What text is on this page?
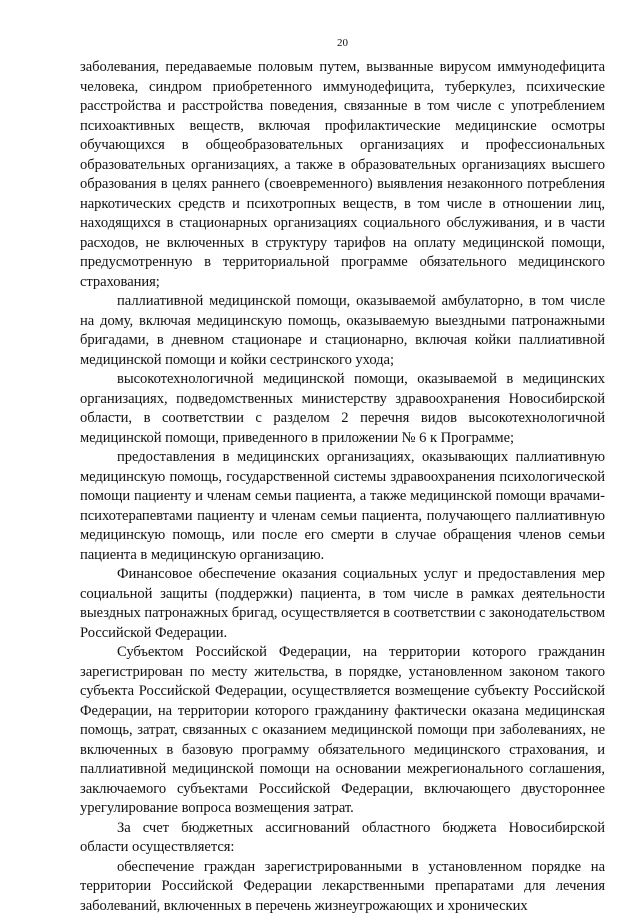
20

заболевания, передаваемые половым путем, вызванные вирусом иммунодефицита человека, синдром приобретенного иммунодефицита, туберкулез, психические расстройства и расстройства поведения, связанные в том числе с употреблением психоактивных веществ, включая профилактические медицинские осмотры обучающихся в общеобразовательных организациях и профессиональных образовательных организациях, а также в образовательных организациях высшего образования в целях раннего (своевременного) выявления незаконного потребления наркотических средств и психотропных веществ, в том числе в отношении лиц, находящихся в стационарных организациях социального обслуживания, и в части расходов, не включенных в структуру тарифов на оплату медицинской помощи, предусмотренную в территориальной программе обязательного медицинского страхования;

паллиативной медицинской помощи, оказываемой амбулаторно, в том числе на дому, включая медицинскую помощь, оказываемую выездными патронажными бригадами, в дневном стационаре и стационарно, включая койки паллиативной медицинской помощи и койки сестринского ухода;

высокотехнологичной медицинской помощи, оказываемой в медицинских организациях, подведомственных министерству здравоохранения Новосибирской области, в соответствии с разделом 2 перечня видов высокотехнологичной медицинской помощи, приведенного в приложении № 6 к Программе;

предоставления в медицинских организациях, оказывающих паллиативную медицинскую помощь, государственной системы здравоохранения психологической помощи пациенту и членам семьи пациента, а также медицинской помощи врачами-психотерапевтами пациенту и членам семьи пациента, получающего паллиативную медицинскую помощь, или после его смерти в случае обращения членов семьи пациента в медицинскую организацию.

Финансовое обеспечение оказания социальных услуг и предоставления мер социальной защиты (поддержки) пациента, в том числе в рамках деятельности выездных патронажных бригад, осуществляется в соответствии с законодательством Российской Федерации.

Субъектом Российской Федерации, на территории которого гражданин зарегистрирован по месту жительства, в порядке, установленном законом такого субъекта Российской Федерации, осуществляется возмещение субъекту Российской Федерации, на территории которого гражданину фактически оказана медицинская помощь, затрат, связанных с оказанием медицинской помощи при заболеваниях, не включенных в базовую программу обязательного медицинского страхования, и паллиативной медицинской помощи на основании межрегионального соглашения, заключаемого субъектами Российской Федерации, включающего двустороннее урегулирование вопроса возмещения затрат.

За счет бюджетных ассигнований областного бюджета Новосибирской области осуществляется:

обеспечение граждан зарегистрированными в установленном порядке на территории Российской Федерации лекарственными препаратами для лечения заболеваний, включенных в перечень жизнеугрожающих и хронических
